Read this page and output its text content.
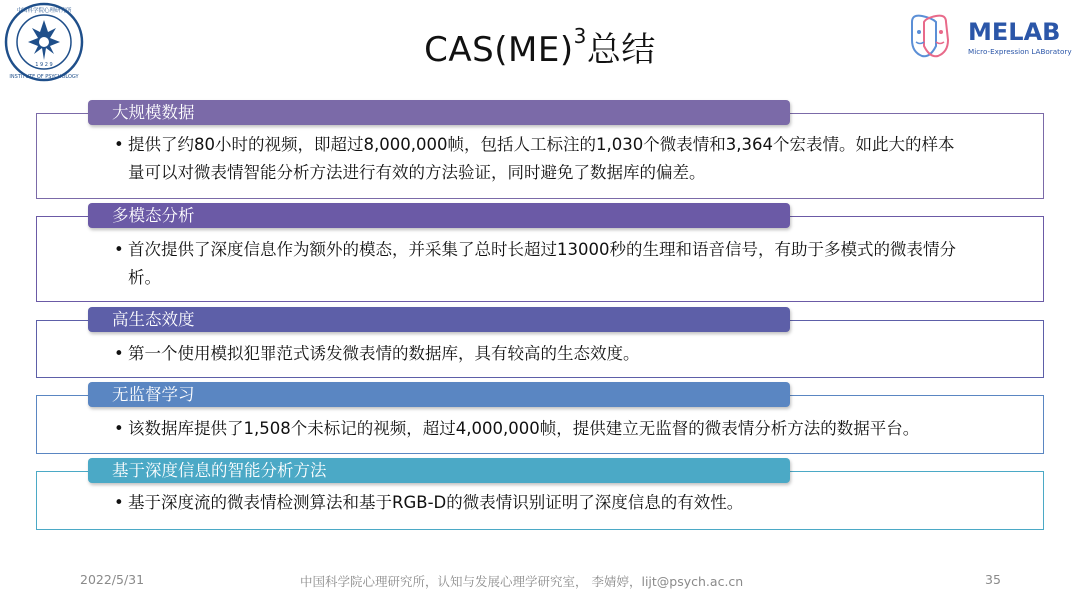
中国科学院心理研究所
INSTITUTE OF PSYCHOLOGY
1 9 2 9	CAS(ME)$^3$总结	MELAB
Micro-Expression LABoratory
大规模数据
• 提供了约80小时的视频，即超过8,000,000帧，包括人工标注的1,030个微表情和3,364个宏表情。如此大的样本量可以对微表情智能分析方法进行有效的方法验证，同时避免了数据库的偏差。
多模态分析
• 首次提供了深度信息作为额外的模态，并采集了总时长超过13000秒的生理和语音信号，有助于多模式的微表情分析。
高生态效度
• 第一个使用模拟犯罪范式诱发微表情的数据库，具有较高的生态效度。
无监督学习
• 该数据库提供了1,508个未标记的视频，超过4,000,000帧，提供建立无监督的微表情分析方法的数据平台。
基于深度信息的智能分析方法
• 基于深度流的微表情检测算法和基于RGB-D的微表情识别证明了深度信息的有效性。
2022/5/31	中国科学院心理研究所，认知与发展心理学研究室， 李婧婷，lijt@psych.ac.cn	35
